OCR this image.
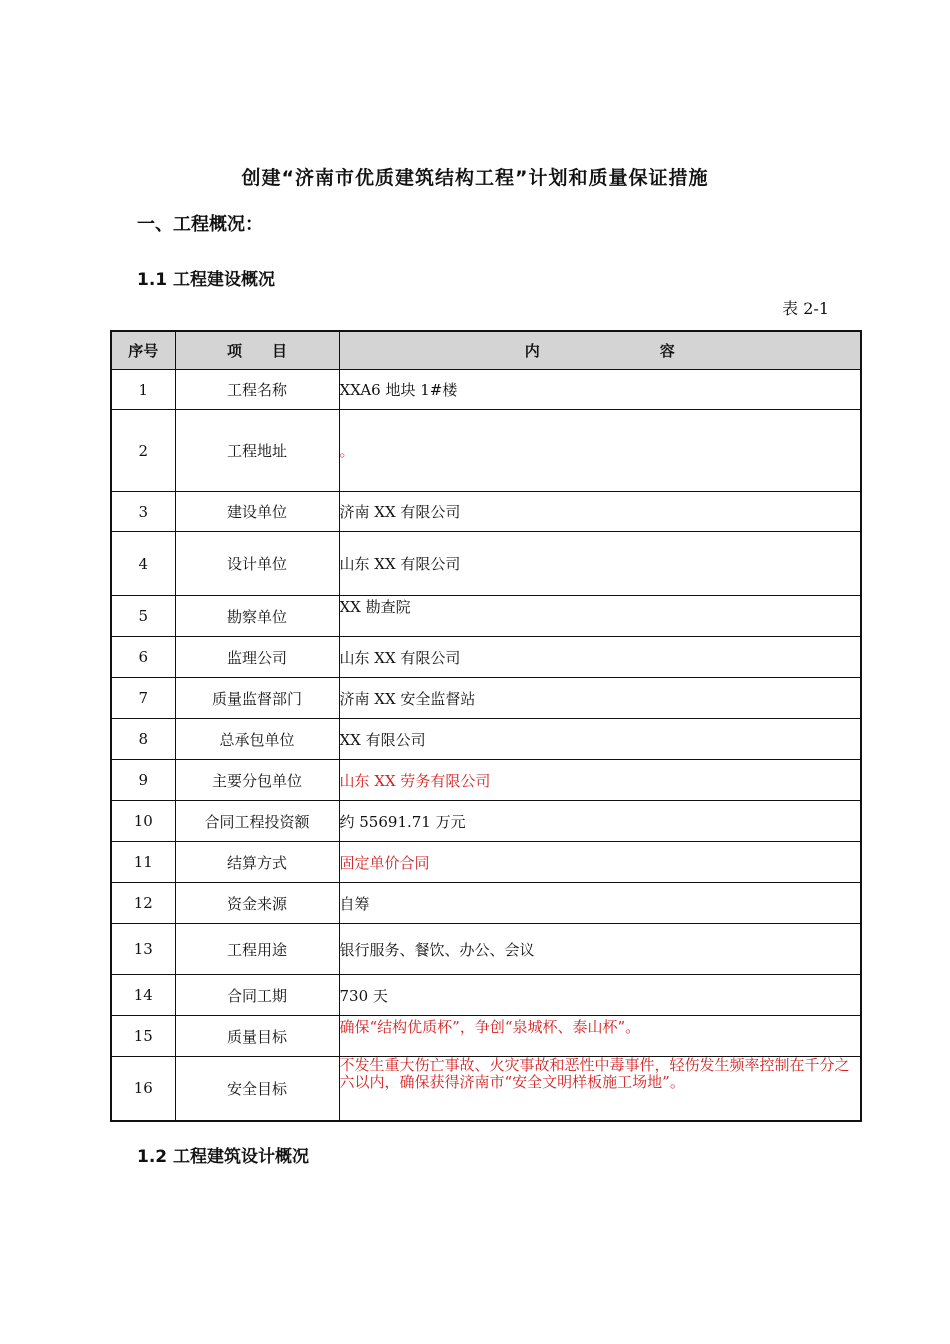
创建“济南市优质建筑结构工程”计划和质量保证措施
一、工程概况：
1.1 工程建设概况
表 2-1
序号	项　　目	内　　　　　　　　容
1	工程名称	XXA6 地块 1#楼
2	工程地址	。
3	建设单位	济南 XX 有限公司
4	设计单位	山东 XX 有限公司
5	勘察单位	XX 勘查院
6	监理公司	山东 XX 有限公司
7	质量监督部门	济南 XX 安全监督站
8	总承包单位	XX 有限公司
9	主要分包单位	山东 XX 劳务有限公司
10	合同工程投资额	约 55691.71 万元
11	结算方式	固定单价合同
12	资金来源	自筹
13	工程用途	银行服务、餐饮、办公、会议
14	合同工期	730 天
15	质量目标	确保“结构优质杯”，争创“泉城杯、泰山杯”。
16	安全目标	不发生重大伤亡事故、火灾事故和恶性中毒事件，轻伤发生频率控制在千分之六以内，确保获得济南市“安全文明样板施工场地”。
1.2 工程建筑设计概况
